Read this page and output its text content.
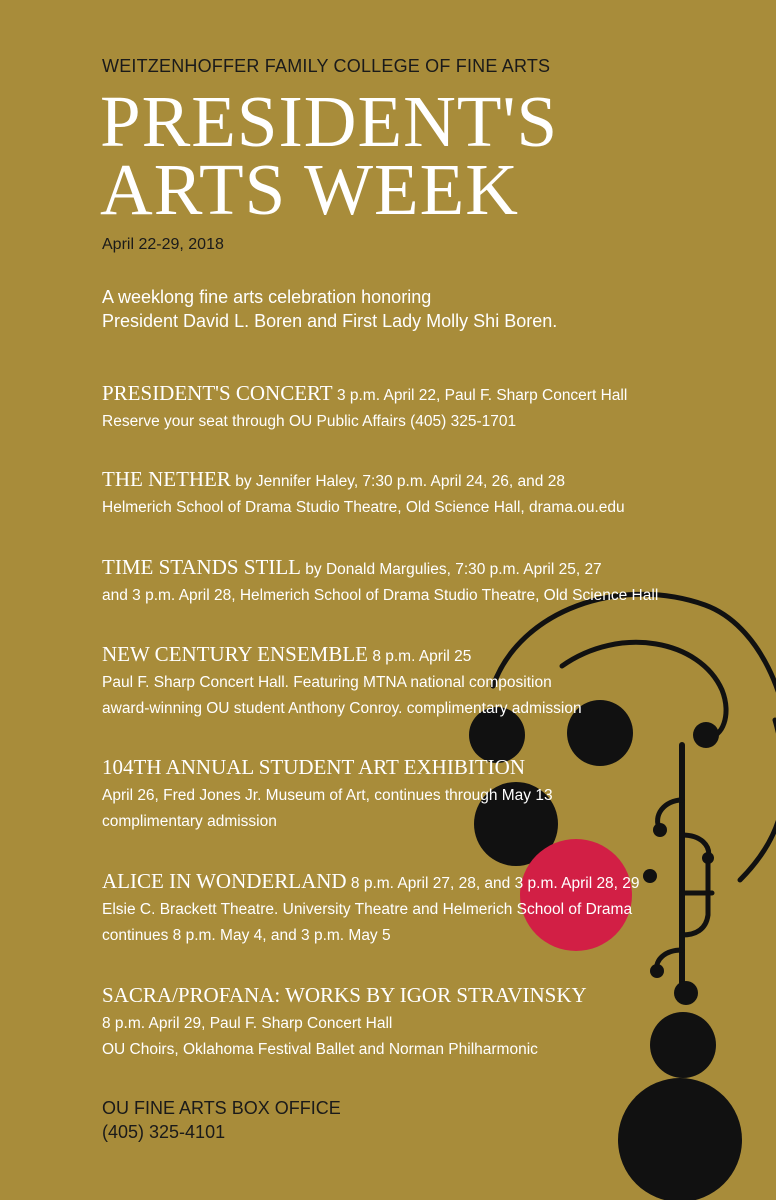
WEITZENHOFFER FAMILY COLLEGE OF FINE ARTS
PRESIDENT'S
ARTS WEEK
April 22-29, 2018
A weeklong fine arts celebration honoring
President David L. Boren and First Lady Molly Shi Boren.
PRESIDENT'S CONCERT 3 p.m. April 22, Paul F. Sharp Concert Hall
Reserve your seat through OU Public Affairs (405) 325-1701
THE NETHER by Jennifer Haley, 7:30 p.m. April 24, 26, and 28
Helmerich School of Drama Studio Theatre, Old Science Hall, drama.ou.edu
TIME STANDS STILL by Donald Margulies, 7:30 p.m. April 25, 27
and 3 p.m. April 28, Helmerich School of Drama Studio Theatre, Old Science Hall
NEW CENTURY ENSEMBLE 8 p.m. April 25
Paul F. Sharp Concert Hall. Featuring MTNA national composition
award-winning OU student Anthony Conroy. complimentary admission
104TH ANNUAL STUDENT ART EXHIBITION
April 26, Fred Jones Jr. Museum of Art, continues through May 13
complimentary admission
ALICE IN WONDERLAND 8 p.m. April 27, 28, and 3 p.m. April 28, 29
Elsie C. Brackett Theatre. University Theatre and Helmerich School of Drama
continues 8 p.m. May 4, and 3 p.m. May 5
SACRA/PROFANA: WORKS BY IGOR STRAVINSKY
8 p.m. April 29, Paul F. Sharp Concert Hall
OU Choirs, Oklahoma Festival Ballet and Norman Philharmonic
OU FINE ARTS BOX OFFICE
(405) 325-4101
